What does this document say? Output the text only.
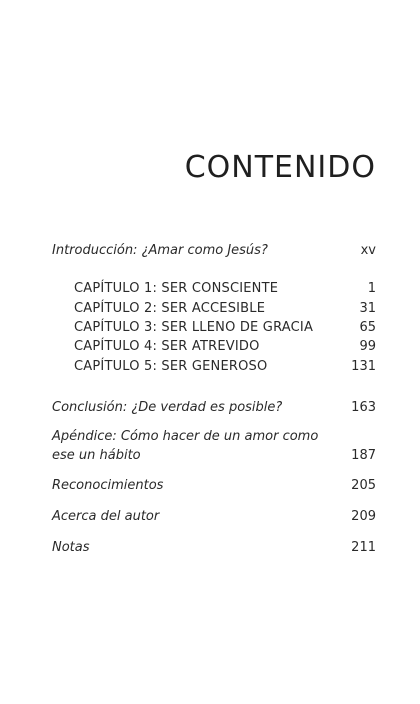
CONTENIDO
Introducción: ¿Amar como Jesús?	xv
CAPÍTULO 1: SER CONSCIENTE	1
CAPÍTULO 2: SER ACCESIBLE	31
CAPÍTULO 3: SER LLENO DE GRACIA	65
CAPÍTULO 4: SER ATREVIDO	99
CAPÍTULO 5: SER GENEROSO	131
Conclusión: ¿De verdad es posible?	163
Apéndice: Cómo hacer de un amor como ese un hábito	187
Reconocimientos	205
Acerca del autor	209
Notas	211
